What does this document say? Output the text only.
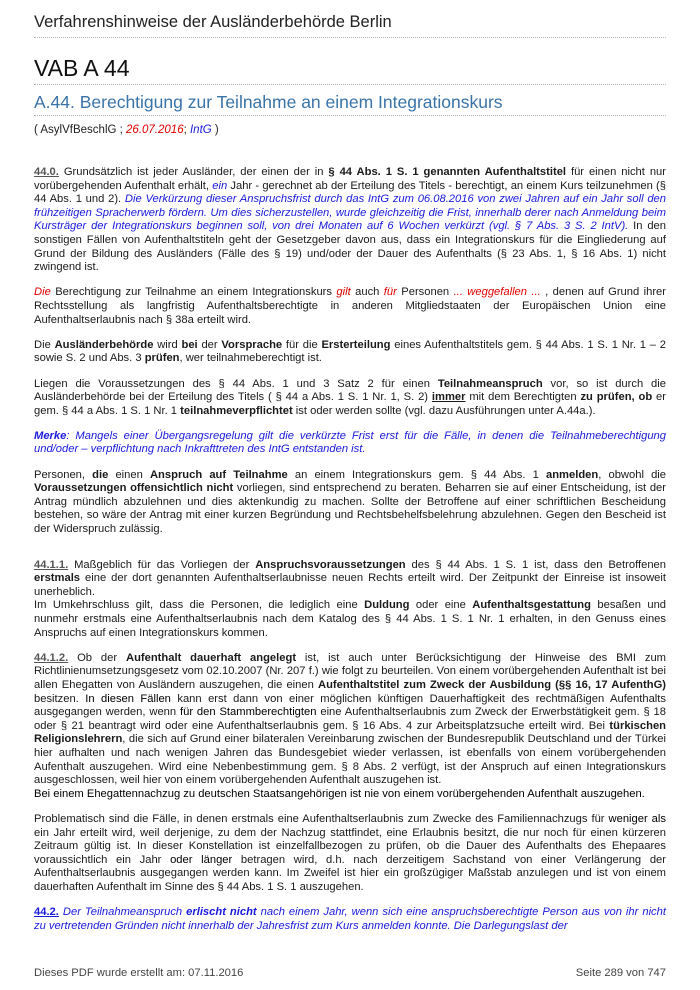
Verfahrenshinweise der Ausländerbehörde Berlin
VAB A 44
A.44. Berechtigung zur Teilnahme an einem Integrationskurs
( AsylVfBeschlG ; 26.07.2016; IntG )

44.0. Grundsätzlich ist jeder Ausländer, der einen der in § 44 Abs. 1 S. 1 genannten Aufenthaltstitel für einen nicht nur vorübergehenden Aufenthalt erhält, ein Jahr - gerechnet ab der Erteilung des Titels - berechtigt, an einem Kurs teilzunehmen (§ 44 Abs. 1 und 2). Die Verkürzung dieser Anspruchsfrist durch das IntG zum 06.08.2016 von zwei Jahren auf ein Jahr soll den frühzeitigen Spracherwerb fördern. Um dies sicherzustellen, wurde gleichzeitig die Frist, innerhalb derer nach Anmeldung beim Kursträger der Integrationskurs beginnen soll, von drei Monaten auf 6 Wochen verkürzt (vgl. § 7 Abs. 3 S. 2 IntV). In den sonstigen Fällen von Aufenthaltstiteln geht der Gesetzgeber davon aus, dass ein Integrationskurs für die Eingliederung auf Grund der Bildung des Ausländers (Fälle des § 19) und/oder der Dauer des Aufenthalts (§ 23 Abs. 1, § 16 Abs. 1) nicht zwingend ist.

Die Berechtigung zur Teilnahme an einem Integrationskurs gilt auch für Personen ... weggefallen ... , denen auf Grund ihrer Rechtsstellung als langfristig Aufenthaltsberechtigte in anderen Mitgliedstaaten der Europäischen Union eine Aufenthaltserlaubnis nach § 38a erteilt wird.

Die Ausländerbehörde wird bei der Vorsprache für die Ersterteilung eines Aufenthaltstitels gem. § 44 Abs. 1 S. 1 Nr. 1 – 2 sowie S. 2 und Abs. 3 prüfen, wer teilnahmeberechtigt ist.

Liegen die Voraussetzungen des § 44 Abs. 1 und 3 Satz 2 für einen Teilnahmeanspruch vor, so ist durch die Ausländerbehörde bei der Erteilung des Titels ( § 44 a Abs. 1 S. 1 Nr. 1, S. 2) immer mit dem Berechtigten zu prüfen, ob er gem. § 44 a Abs. 1 S. 1 Nr. 1 teilnahmeverpflichtet ist oder werden sollte (vgl. dazu Ausführungen unter A.44a.).

Merke: Mangels einer Übergangsregelung gilt die verkürzte Frist erst für die Fälle, in denen die Teilnahmeberechtigung und/oder – verpflichtung nach Inkrafttreten des IntG entstanden ist.

Personen, die einen Anspruch auf Teilnahme an einem Integrationskurs gem. § 44 Abs. 1 anmelden, obwohl die Voraussetzungen offensichtlich nicht vorliegen, sind entsprechend zu beraten. Beharren sie auf einer Entscheidung, ist der Antrag mündlich abzulehnen und dies aktenkundig zu machen. Sollte der Betroffene auf einer schriftlichen Bescheidung bestehen, so wäre der Antrag mit einer kurzen Begründung und Rechtsbehelfsbelehrung abzulehnen. Gegen den Bescheid ist der Widerspruch zulässig.

44.1.1. Maßgeblich für das Vorliegen der Anspruchsvoraussetzungen des § 44 Abs. 1 S. 1 ist, dass den Betroffenen erstmals eine der dort genannten Aufenthaltserlaubnisse neuen Rechts erteilt wird. Der Zeitpunkt der Einreise ist insoweit unerheblich.
Im Umkehrschluss gilt, dass die Personen, die lediglich eine Duldung oder eine Aufenthaltsgestattung besaßen und nunmehr erstmals eine Aufenthaltserlaubnis nach dem Katalog des § 44 Abs. 1 S. 1 Nr. 1 erhalten, in den Genuss eines Anspruchs auf einen Integrationskurs kommen.

44.1.2. Ob der Aufenthalt dauerhaft angelegt ist, ist auch unter Berücksichtigung der Hinweise des BMI zum Richtlinienumsetzungsgesetz vom 02.10.2007 (Nr. 207 f.) wie folgt zu beurteilen. Von einem vorübergehenden Aufenthalt ist bei allen Ehegatten von Ausländern auszugehen, die einen Aufenthaltstitel zum Zweck der Ausbildung (§§ 16, 17 AufenthG) besitzen. In diesen Fällen kann erst dann von einer möglichen künftigen Dauerhaftigkeit des rechtmäßigen Aufenthalts ausgegangen werden, wenn für den Stammberechtigten eine Aufenthaltserlaubnis zum Zweck der Erwerbstätigkeit gem. § 18 oder § 21 beantragt wird oder eine Aufenthaltserlaubnis gem. § 16 Abs. 4 zur Arbeitsplatzsuche erteilt wird. Bei türkischen Religionslehrern, die sich auf Grund einer bilateralen Vereinbarung zwischen der Bundesrepublik Deutschland und der Türkei hier aufhalten und nach wenigen Jahren das Bundesgebiet wieder verlassen, ist ebenfalls von einem vorübergehenden Aufenthalt auszugehen. Wird eine Nebenbestimmung gem. § 8 Abs. 2 verfügt, ist der Anspruch auf einen Integrationskurs ausgeschlossen, weil hier von einem vorübergehenden Aufenthalt auszugehen ist.
Bei einem Ehegattennachzug zu deutschen Staatsangehörigen ist nie von einem vorübergehenden Aufenthalt auszugehen.

Problematisch sind die Fälle, in denen erstmals eine Aufenthaltserlaubnis zum Zwecke des Familiennachzugs für weniger als ein Jahr erteilt wird, weil derjenige, zu dem der Nachzug stattfindet, eine Erlaubnis besitzt, die nur noch für einen kürzeren Zeitraum gültig ist. In dieser Konstellation ist einzelfallbezogen zu prüfen, ob die Dauer des Aufenthalts des Ehepaares voraussichtlich ein Jahr oder länger betragen wird, d.h. nach derzeitigem Sachstand von einer Verlängerung der Aufenthaltserlaubnis ausgegangen werden kann. Im Zweifel ist hier ein großzügiger Maßstab anzulegen und ist von einem dauerhaften Aufenthalt im Sinne des § 44 Abs. 1 S. 1 auszugehen.

44.2. Der Teilnahmeanspruch erlischt nicht nach einem Jahr, wenn sich eine anspruchsberechtigte Person aus von ihr nicht zu vertretenden Gründen nicht innerhalb der Jahresfrist zum Kurs anmelden konnte. Die Darlegungslast der

Dieses PDF wurde erstellt am: 07.11.2016	Seite 289 von 747
